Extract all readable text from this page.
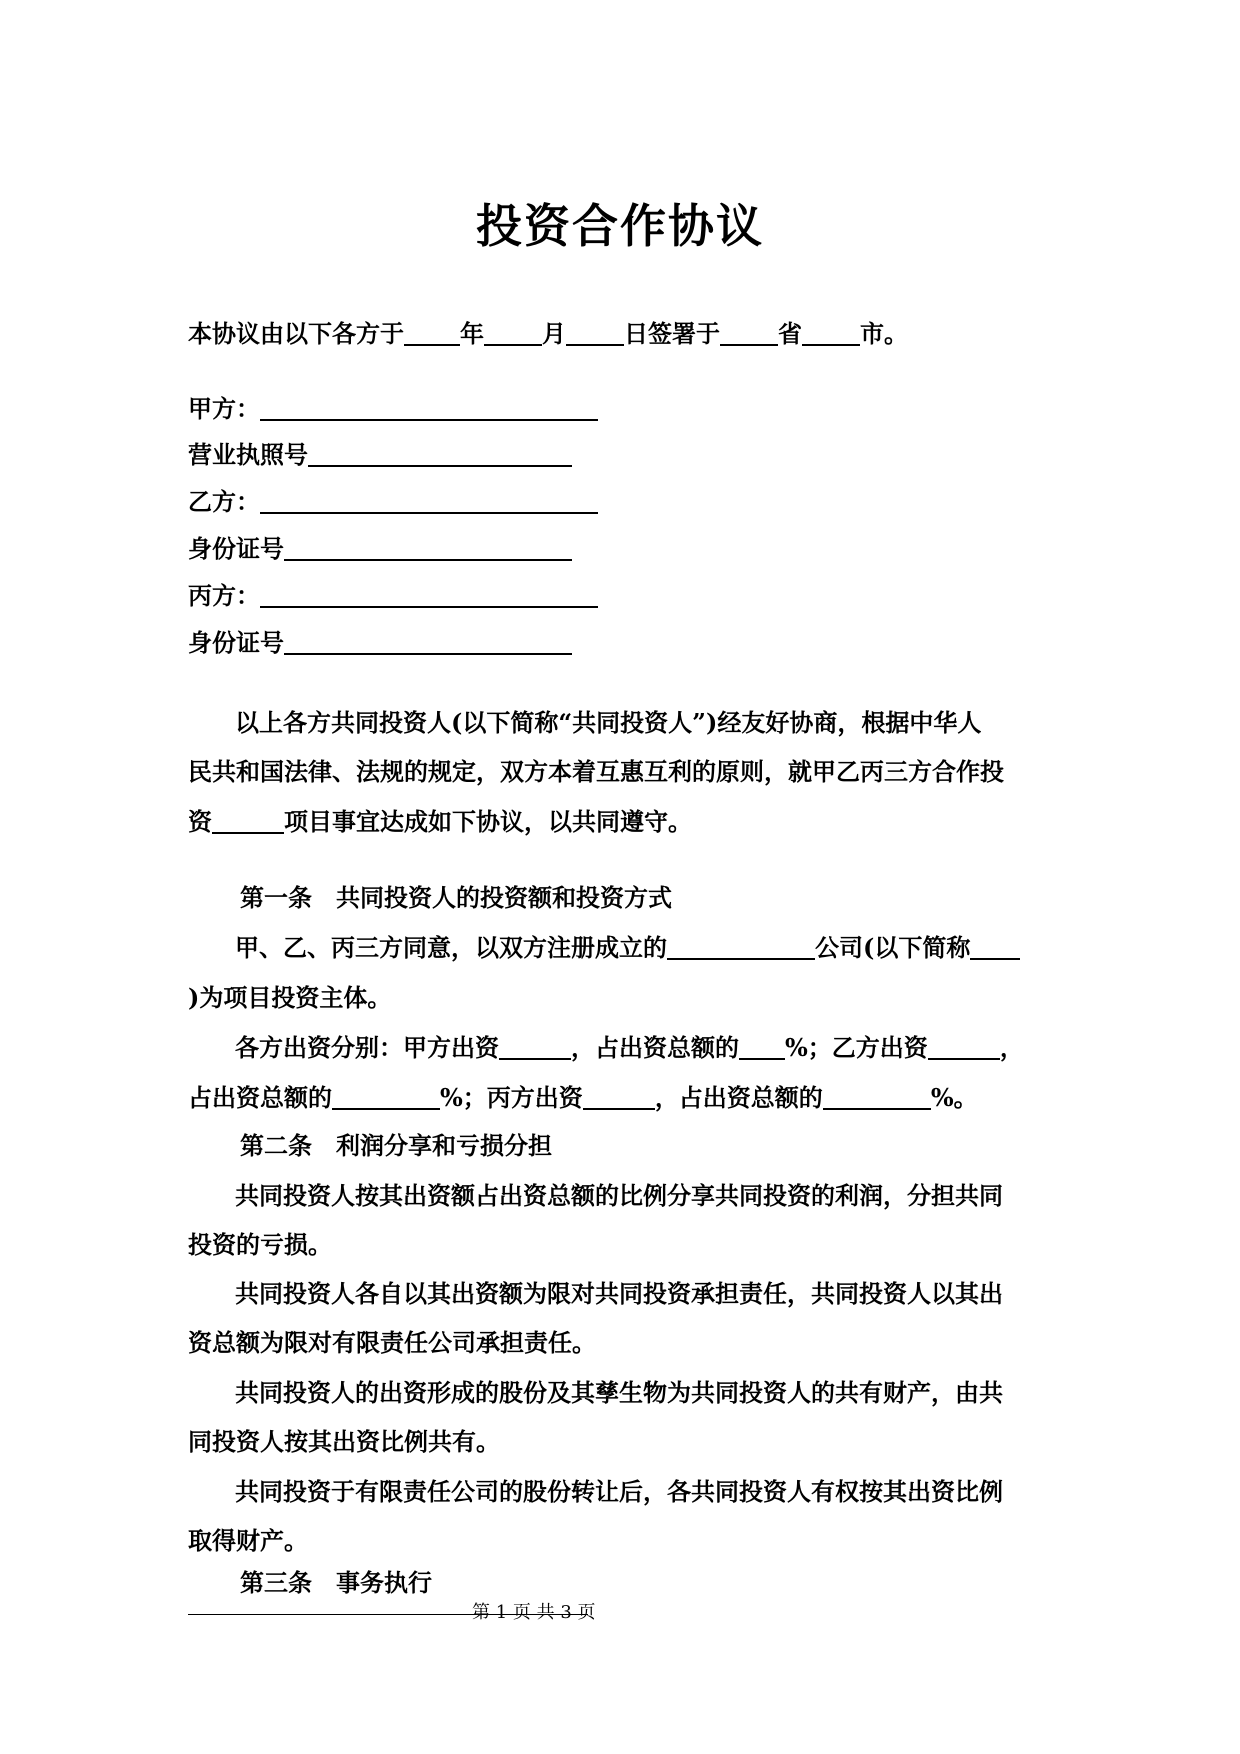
投资合作协议
本协议由以下各方于 年 月 日签署于 省 市。
甲方：
营业执照号
乙方：
身份证号
丙方：
身份证号
以上各方共同投资人(以下简称“共同投资人”)经友好协商，根据中华人
民共和国法律、法规的规定，双方本着互惠互利的原则，就甲乙丙三方合作投
资	项目事宜达成如下协议，以共同遵守。
第一条　共同投资人的投资额和投资方式
甲、乙、丙三方同意，以双方注册成立的	公司(以下简称
)为项目投资主体。
各方出资分别：甲方出资	，占出资总额的 %；乙方出资	，
占出资总额的	%；丙方出资	，占出资总额的	%。
第二条　利润分享和亏损分担
共同投资人按其出资额占出资总额的比例分享共同投资的利润，分担共同
投资的亏损。
共同投资人各自以其出资额为限对共同投资承担责任，共同投资人以其出
资总额为限对有限责任公司承担责任。
共同投资人的出资形成的股份及其孳生物为共同投资人的共有财产，由共
同投资人按其出资比例共有。
共同投资于有限责任公司的股份转让后，各共同投资人有权按其出资比例
取得财产。
第三条　事务执行
第 1 页 共 3 页
